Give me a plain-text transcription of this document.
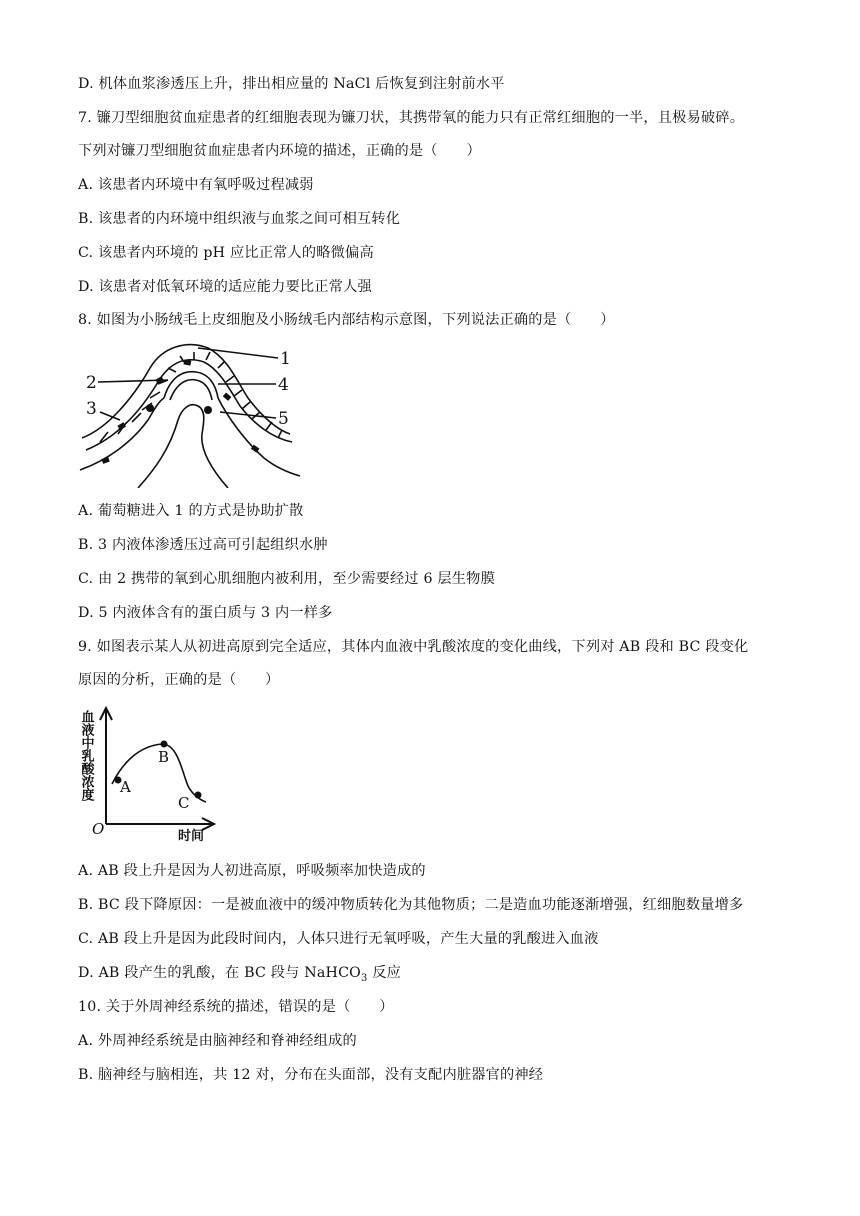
D. 机体血浆渗透压上升，排出相应量的 NaCl 后恢复到注射前水平
7. 镰刀型细胞贫血症患者的红细胞表现为镰刀状，其携带氧的能力只有正常红细胞的一半，且极易破碎。
下列对镰刀型细胞贫血症患者内环境的描述，正确的是（　　）
A. 该患者内环境中有氧呼吸过程减弱
B. 该患者的内环境中组织液与血浆之间可相互转化
C. 该患者内环境的 pH 应比正常人的略微偏高
D. 该患者对低氧环境的适应能力要比正常人强
8. 如图为小肠绒毛上皮细胞及小肠绒毛内部结构示意图，下列说法正确的是（　　）
1
2
3
4
5
A. 葡萄糖进入 1 的方式是协助扩散
B. 3 内液体渗透压过高可引起组织水肿
C. 由 2 携带的氧到心肌细胞内被利用，至少需要经过 6 层生物膜
D. 5 内液体含有的蛋白质与 3 内一样多
9. 如图表示某人从初进高原到完全适应，其体内血液中乳酸浓度的变化曲线，下列对 AB 段和 BC 段变化
原因的分析，正确的是（　　）
A
B
C
O	时间
血液中乳酸浓度
A. AB 段上升是因为人初进高原，呼吸频率加快造成的
B. BC 段下降原因：一是被血液中的缓冲物质转化为其他物质；二是造血功能逐渐增强，红细胞数量增多
C. AB 段上升是因为此段时间内，人体只进行无氧呼吸，产生大量的乳酸进入血液
D. AB 段产生的乳酸，在 BC 段与 NaHCO$_3$ 反应
10. 关于外周神经系统的描述，错误的是（　　）
A. 外周神经系统是由脑神经和脊神经组成的
B. 脑神经与脑相连，共 12 对，分布在头面部，没有支配内脏器官的神经
